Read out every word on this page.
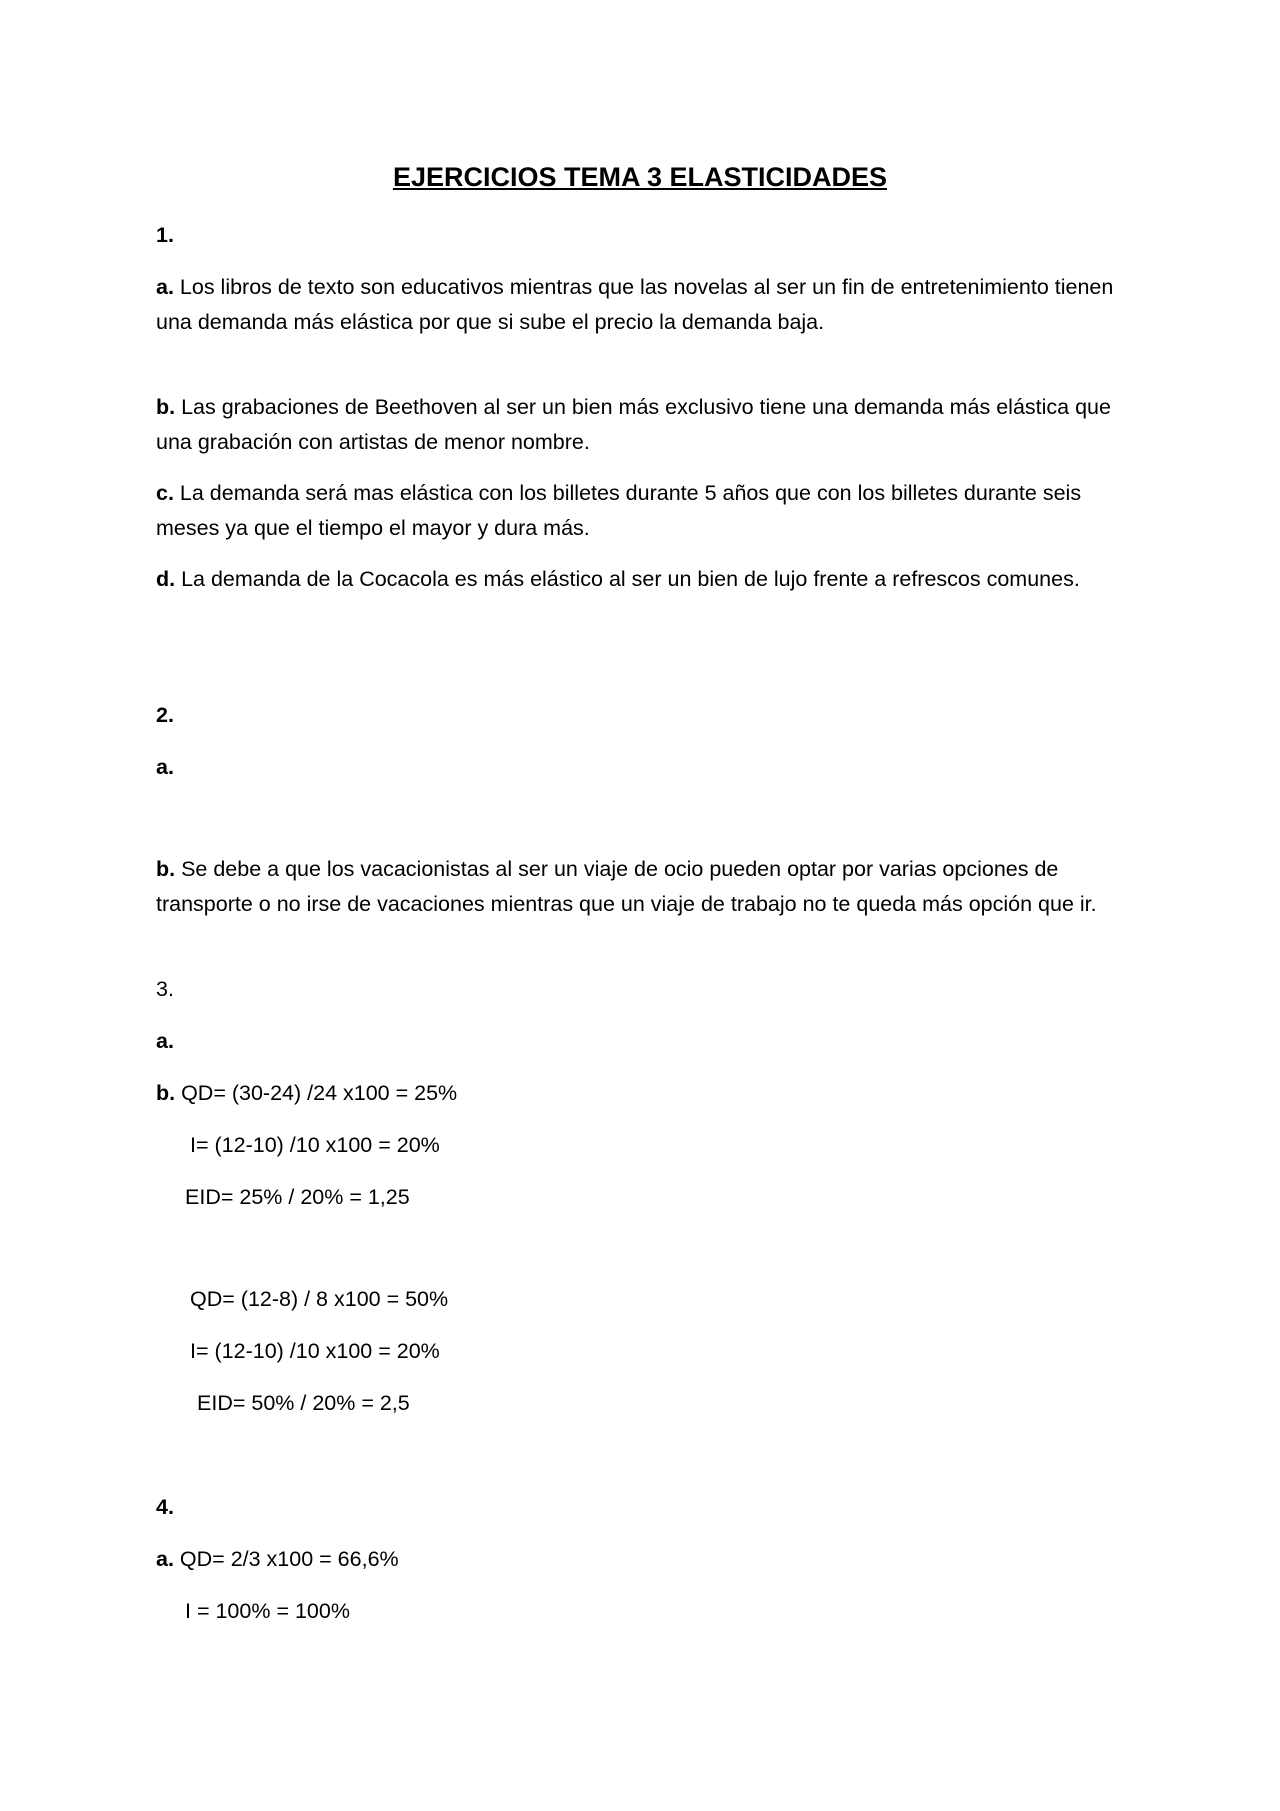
EJERCICIOS TEMA 3 ELASTICIDADES
1.
a. Los libros de texto son educativos mientras que las novelas al ser un fin de entretenimiento tienen una demanda más elástica por que si sube el precio la demanda baja.
b. Las grabaciones de Beethoven al ser un bien más exclusivo tiene una demanda más elástica que una grabación con artistas de menor nombre.
c. La demanda será mas elástica con los billetes durante 5 años que con los billetes durante seis meses ya que el tiempo el mayor y dura más.
d. La demanda de la Cocacola es más elástico al ser un bien de lujo frente a refrescos comunes.
2.
a.
b. Se debe a que los vacacionistas al ser un viaje de ocio pueden optar por varias opciones de transporte o no irse de vacaciones mientras que un viaje de trabajo no te queda más opción que ir.
3.
a.
b. QD= (30-24) /24 x100 = 25%
I= (12-10) /10 x100 = 20%
EID= 25% / 20% = 1,25
QD= (12-8) / 8 x100 = 50%
I= (12-10) /10 x100 = 20%
EID= 50% / 20% = 2,5
4.
a. QD= 2/3 x100 = 66,6%
I = 100% = 100%
